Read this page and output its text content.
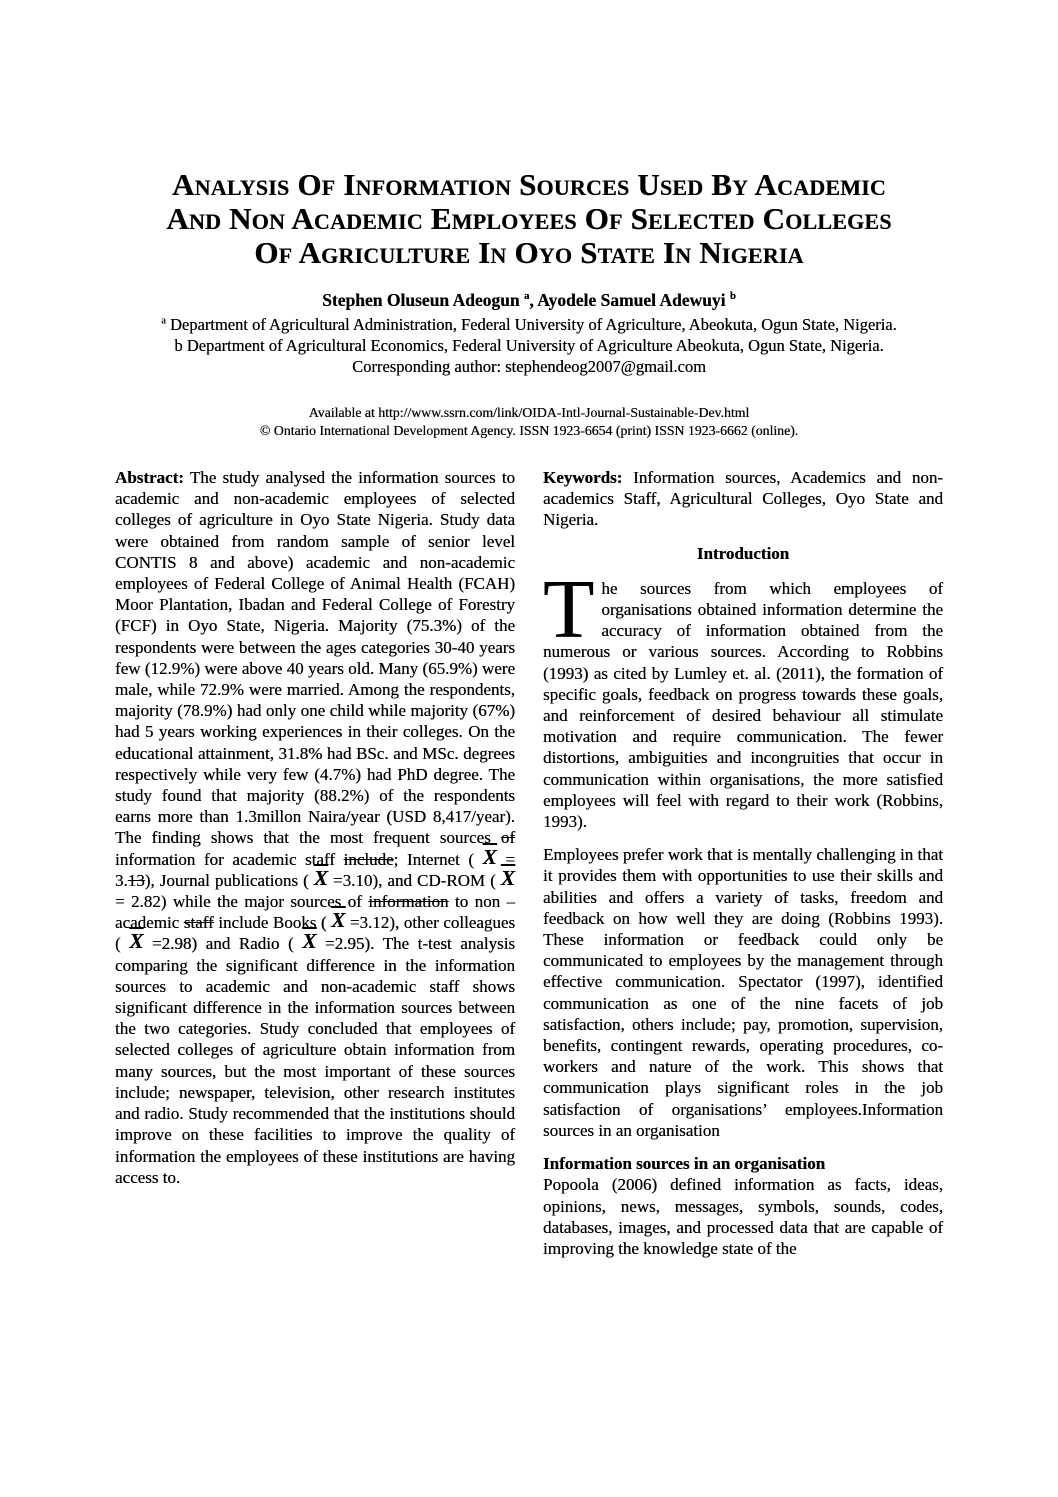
Analysis Of Information Sources Used By Academic
And Non Academic Employees Of Selected Colleges
Of Agriculture In Oyo State In Nigeria
Stephen Oluseun Adeogun $^a$, Ayodele Samuel Adewuyi $^b$
$^a$ Department of Agricultural Administration, Federal University of Agriculture, Abeokuta, Ogun State, Nigeria.
b Department of Agricultural Economics, Federal University of Agriculture Abeokuta, Ogun State, Nigeria.
Corresponding author: stephendeog2007@gmail.com
Available at http://www.ssrn.com/link/OIDA-Intl-Journal-Sustainable-Dev.html
© Ontario International Development Agency. ISSN 1923-6654 (print) ISSN 1923-6662 (online).

Abstract: The study analysed the information sources to academic and non-academic employees of selected colleges of agriculture in Oyo State Nigeria. Study data were obtained from random sample of senior level CONTIS 8 and above) academic and non-academic employees of Federal College of Animal Health (FCAH) Moor Plantation, Ibadan and Federal College of Forestry (FCF) in Oyo State, Nigeria. Majority (75.3%) of the respondents were between the ages categories 30-40 years few (12.9%) were above 40 years old. Many (65.9%) were male, while 72.9% were married. Among the respondents, majority (78.9%) had only one child while majority (67%) had 5 years working experiences in their colleges. On the educational attainment, 31.8% had BSc. and MSc. degrees respectively while very few (4.7%) had PhD degree. The study found that majority (88.2%) of the respondents earns more than 1.3millon Naira/year (USD 8,417/year). The finding shows that the most frequent sources of information for academic staff include; Internet ( $\overline{X} = 3.13$), Journal publications ( $\overline{X} =3.10$), and CD-ROM ( $\overline{X} = 2.82$) while the major sources of information to non – academic staff include Books ( $\overline{X} =3.12$), other colleagues ( $\overline{X} =2.98$) and Radio ( $\overline{X} =2.95$). The t-test analysis comparing the significant difference in the information sources to academic and non-academic staff shows significant difference in the information sources between the two categories. Study concluded that employees of selected colleges of agriculture obtain information from many sources, but the most important of these sources include; newspaper, television, other research institutes and radio. Study recommended that the institutions should improve on these facilities to improve the quality of information the employees of these institutions are having access to.

Keywords: Information sources, Academics and non-academics Staff, Agricultural Colleges, Oyo State and Nigeria.

Introduction

The sources from which employees of organisations obtained information determine the accuracy of information obtained from the numerous or various sources. According to Robbins (1993) as cited by Lumley et. al. (2011), the formation of specific goals, feedback on progress towards these goals, and reinforcement of desired behaviour all stimulate motivation and require communication. The fewer distortions, ambiguities and incongruities that occur in communication within organisations, the more satisfied employees will feel with regard to their work (Robbins, 1993).

Employees prefer work that is mentally challenging in that it provides them with opportunities to use their skills and abilities and offers a variety of tasks, freedom and feedback on how well they are doing (Robbins 1993). These information or feedback could only be communicated to employees by the management through effective communication. Spectator (1997), identified communication as one of the nine facets of job satisfaction, others include; pay, promotion, supervision, benefits, contingent rewards, operating procedures, co-workers and nature of the work. This shows that communication plays significant roles in the job satisfaction of organisations’ employees.Information sources in an organisation

Information sources in an organisation

Popoola (2006) defined information as facts, ideas, opinions, news, messages, symbols, sounds, codes, databases, images, and processed data that are capable of improving the knowledge state of the
